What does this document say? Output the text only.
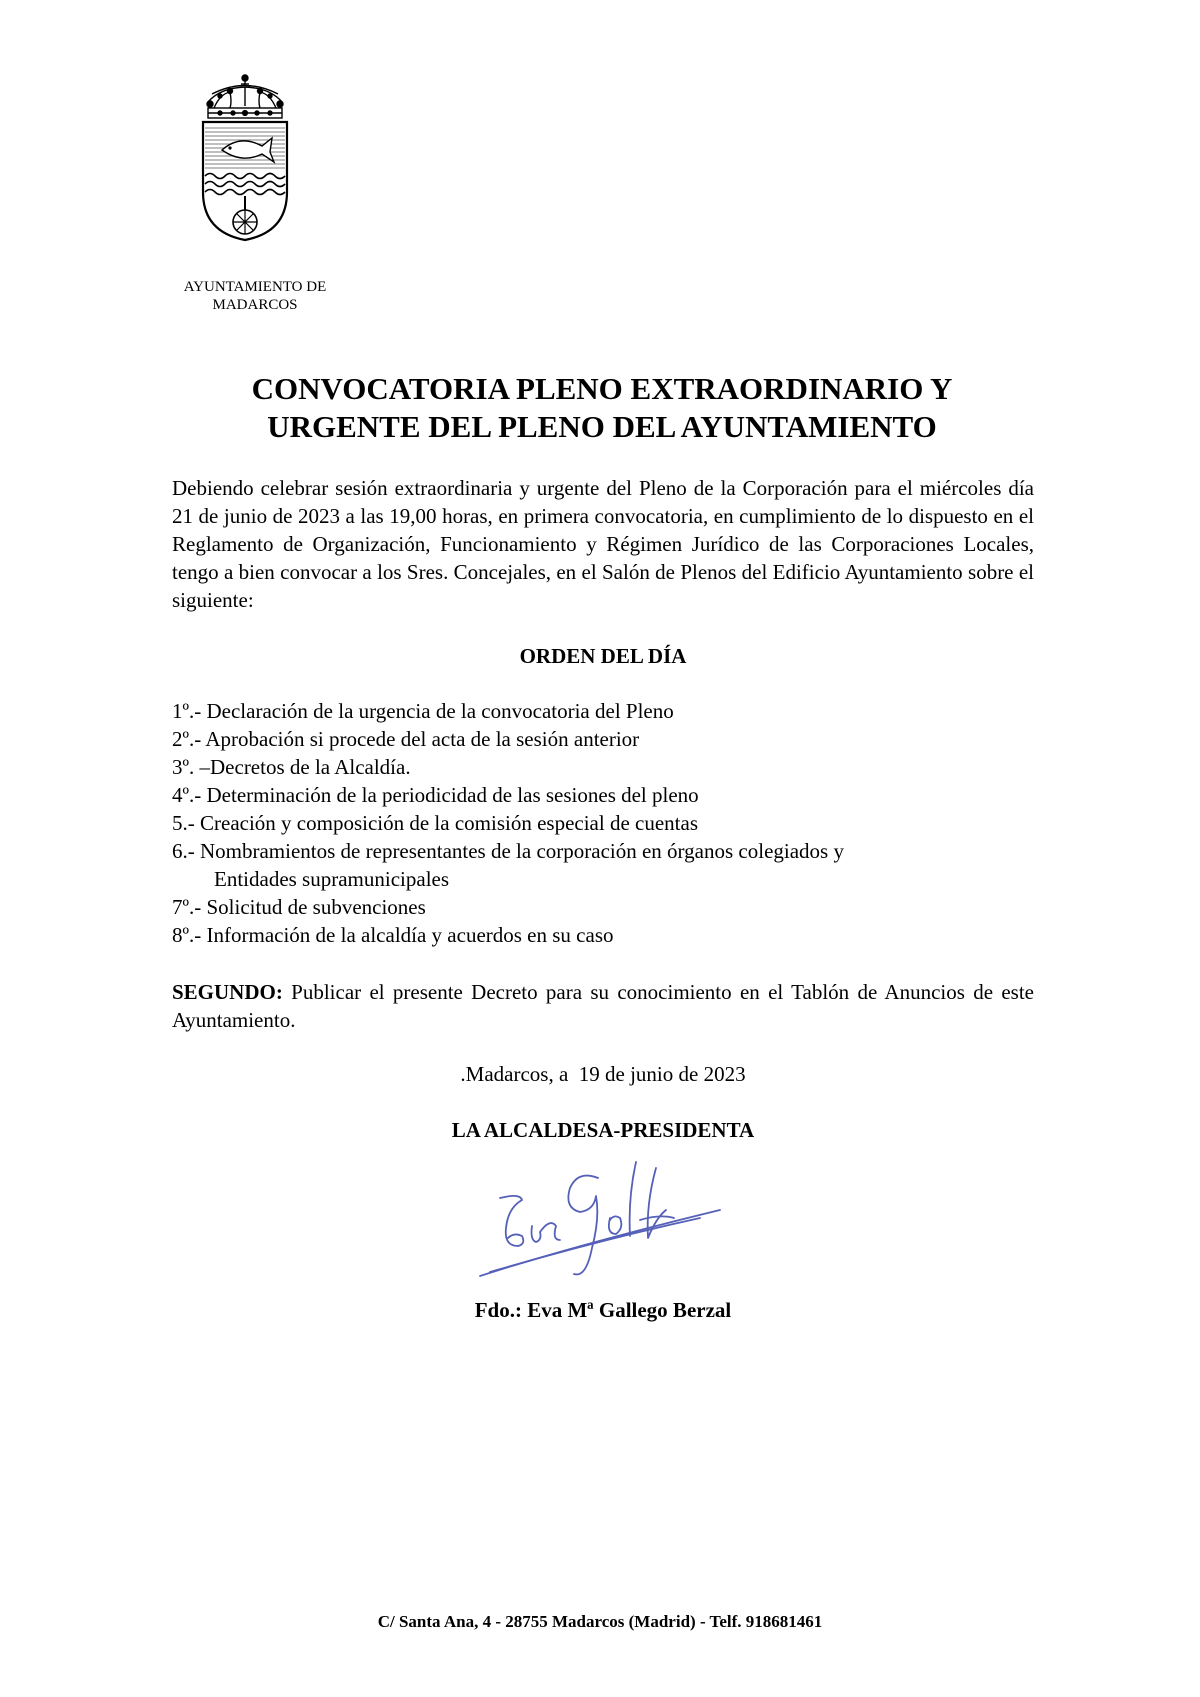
AYUNTAMIENTO DE
MADARCOS
CONVOCATORIA PLENO EXTRAORDINARIO Y
URGENTE DEL PLENO DEL AYUNTAMIENTO

Debiendo celebrar sesión extraordinaria y urgente del Pleno de la Corporación para el miércoles día 21 de junio de 2023 a las 19,00 horas, en primera convocatoria, en cumplimiento de lo dispuesto en el Reglamento de Organización, Funcionamiento y Régimen Jurídico de las Corporaciones Locales, tengo a bien convocar a los Sres. Concejales, en el Salón de Plenos del Edificio Ayuntamiento sobre el siguiente:

ORDEN DEL DÍA
1º.- Declaración de la urgencia de la convocatoria del Pleno
2º.- Aprobación si procede del acta de la sesión anterior
3º. –Decretos de la Alcaldía.
4º.- Determinación de la periodicidad de las sesiones del pleno
5.- Creación y composición de la comisión especial de cuentas
6.- Nombramientos de representantes de la corporación en órganos colegiados y
Entidades supramunicipales
7º.- Solicitud de subvenciones
8º.- Información de la alcaldía y acuerdos en su caso

SEGUNDO: Publicar el presente Decreto para su conocimiento en el Tablón de Anuncios de este Ayuntamiento.

.Madarcos, a  19 de junio de 2023
LA ALCALDESA-PRESIDENTA
Fdo.: Eva Mª Gallego Berzal
C/ Santa Ana, 4 - 28755 Madarcos (Madrid) - Telf. 918681461
